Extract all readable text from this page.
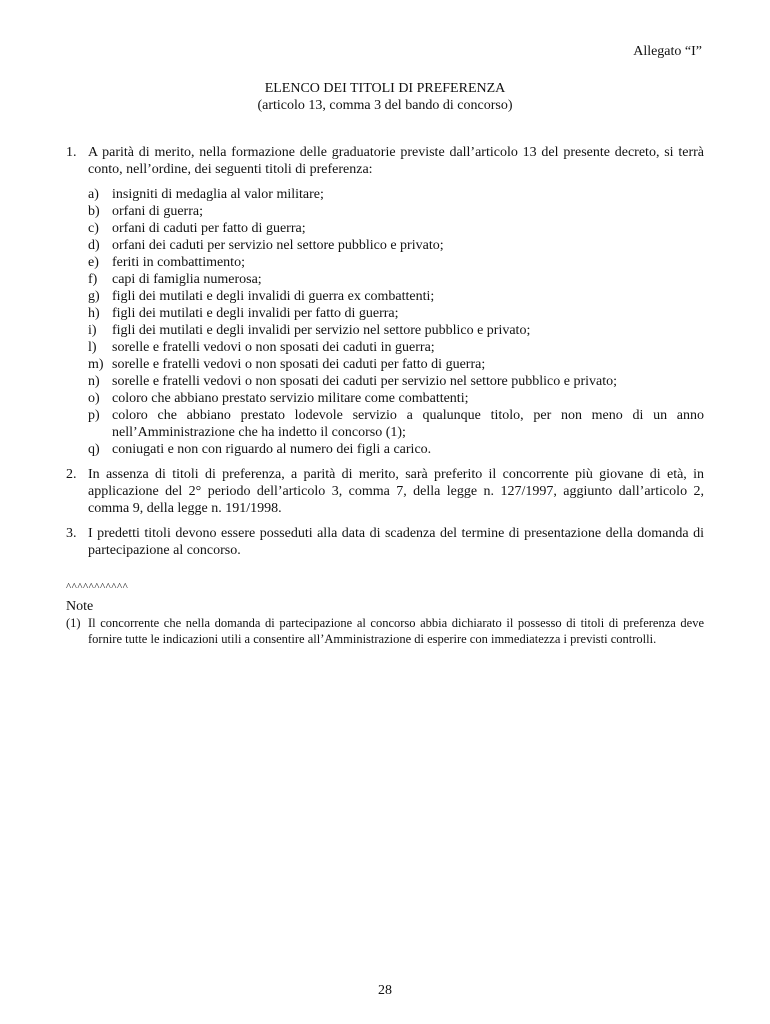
Allegato “I”
ELENCO DEI TITOLI DI PREFERENZA
(articolo 13, comma 3 del bando di concorso)
1. A parità di merito, nella formazione delle graduatorie previste dall’articolo 13 del presente decreto, si terrà conto, nell’ordine, dei seguenti titoli di preferenza:
a) insigniti di medaglia al valor militare;
b) orfani di guerra;
c) orfani di caduti per fatto di guerra;
d) orfani dei caduti per servizio nel settore pubblico e privato;
e) feriti in combattimento;
f)	capi di famiglia numerosa;
g) figli dei mutilati e degli invalidi di guerra ex combattenti;
h) figli dei mutilati e degli invalidi per fatto di guerra;
i)	figli dei mutilati e degli invalidi per servizio nel settore pubblico e privato;
l)	sorelle e fratelli vedovi o non sposati dei caduti in guerra;
m) sorelle e fratelli vedovi o non sposati dei caduti per fatto di guerra;
n) sorelle e fratelli vedovi o non sposati dei caduti per servizio nel settore pubblico e privato;
o) coloro che abbiano prestato servizio militare come combattenti;
p) coloro che abbiano prestato lodevole servizio a qualunque titolo, per non meno di un anno nell’Amministrazione che ha indetto il concorso (1);
q) coniugati e non con riguardo al numero dei figli a carico.
2. In assenza di titoli di preferenza, a parità di merito, sarà preferito il concorrente più giovane di età, in applicazione del 2° periodo dell’articolo 3, comma 7, della legge n. 127/1997, aggiunto dall’articolo 2, comma 9, della legge n. 191/1998.
3. I predetti titoli devono essere posseduti alla data di scadenza del termine di presentazione della domanda di partecipazione al concorso.
^^^^^^^^^^^
Note
(1) Il concorrente che nella domanda di partecipazione al concorso abbia dichiarato il possesso di titoli di preferenza deve fornire tutte le indicazioni utili a consentire all’Amministrazione di esperire con immediatezza i previsti controlli.
28
